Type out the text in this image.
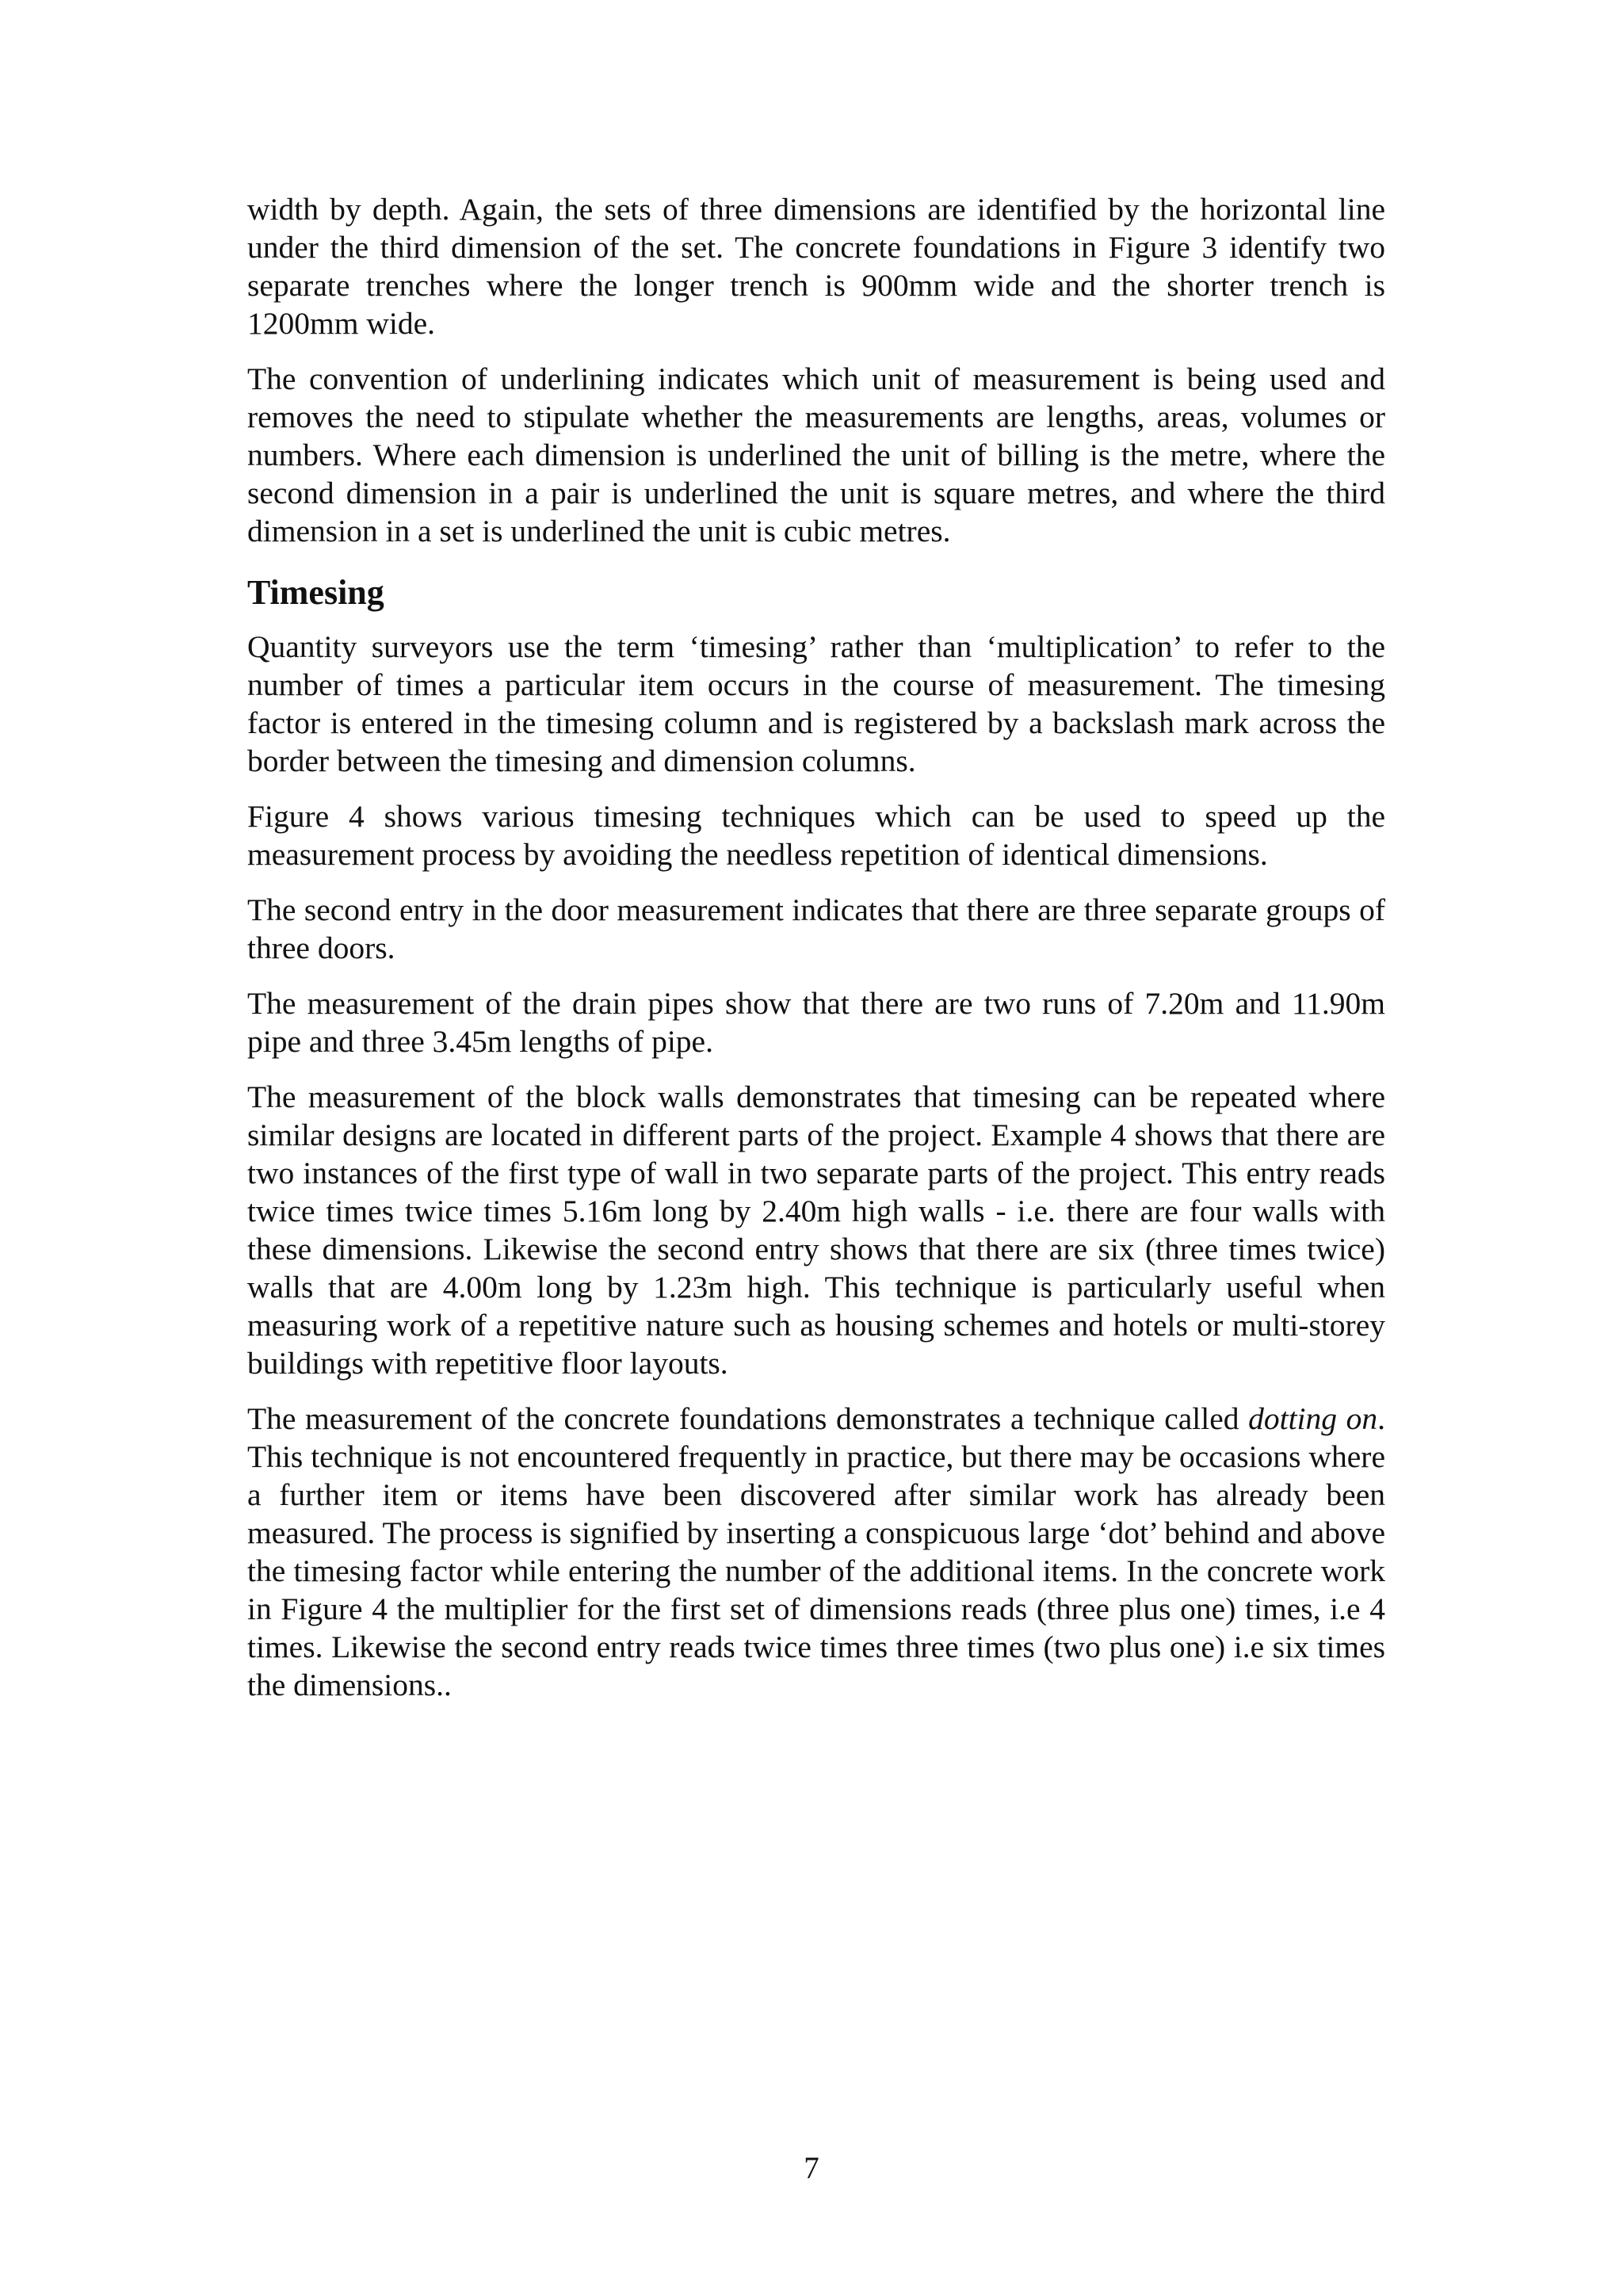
width by depth. Again, the sets of three dimensions are identified by the horizontal line under the third dimension of the set. The concrete foundations in Figure 3 identify two separate trenches where the longer trench is 900mm wide and the shorter trench is 1200mm wide.

The convention of underlining indicates which unit of measurement is being used and removes the need to stipulate whether the measurements are lengths, areas, volumes or numbers. Where each dimension is underlined the unit of billing is the metre, where the second dimension in a pair is underlined the unit is square metres, and where the third dimension in a set is underlined the unit is cubic metres.

Timesing

Quantity surveyors use the term ‘timesing’ rather than ‘multiplication’ to refer to the number of times a particular item occurs in the course of measurement. The timesing factor is entered in the timesing column and is registered by a backslash mark across the border between the timesing and dimension columns.

Figure 4 shows various timesing techniques which can be used to speed up the measurement process by avoiding the needless repetition of identical dimensions.

The second entry in the door measurement indicates that there are three separate groups of three doors.

The measurement of the drain pipes show that there are two runs of 7.20m and 11.90m pipe and three 3.45m lengths of pipe.

The measurement of the block walls demonstrates that timesing can be repeated where similar designs are located in different parts of the project. Example 4 shows that there are two instances of the first type of wall in two separate parts of the project. This entry reads twice times twice times 5.16m long by 2.40m high walls - i.e. there are four walls with these dimensions. Likewise the second entry shows that there are six (three times twice) walls that are 4.00m long by 1.23m high. This technique is particularly useful when measuring work of a repetitive nature such as housing schemes and hotels or multi-storey buildings with repetitive floor layouts.

The measurement of the concrete foundations demonstrates a technique called dotting on. This technique is not encountered frequently in practice, but there may be occasions where a further item or items have been discovered after similar work has already been measured. The process is signified by inserting a conspicuous large ‘dot’ behind and above the timesing factor while entering the number of the additional items. In the concrete work in Figure 4 the multiplier for the first set of dimensions reads (three plus one) times, i.e 4 times. Likewise the second entry reads twice times three times (two plus one) i.e six times the dimensions..

7
